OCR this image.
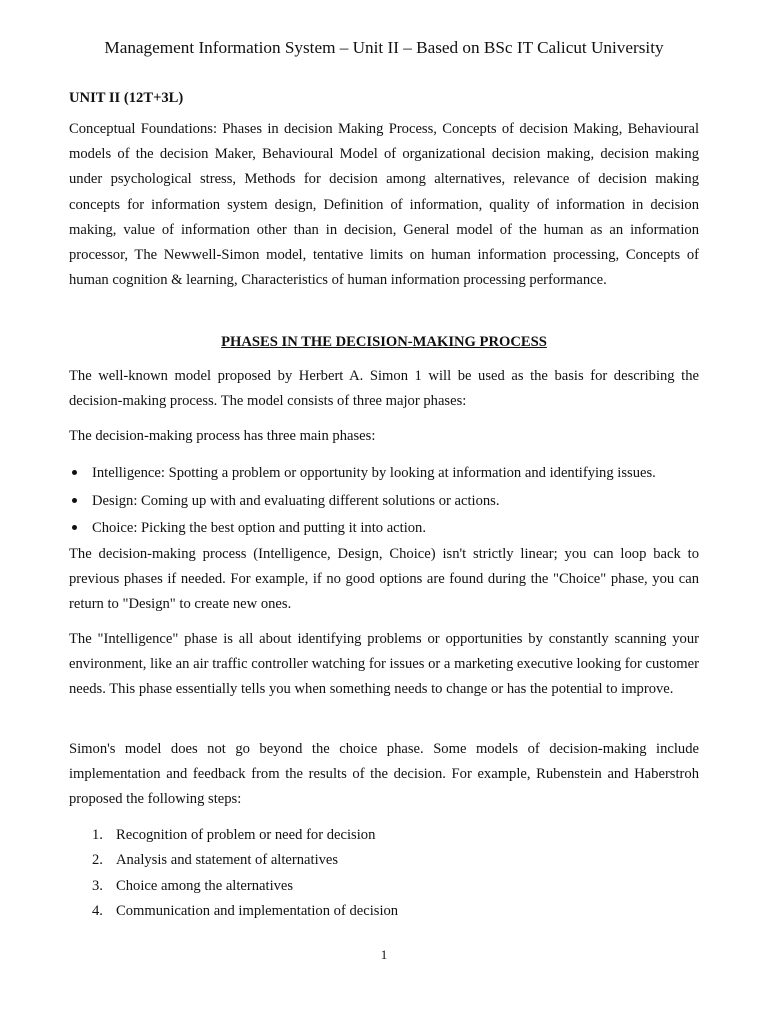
Management Information System – Unit II – Based on BSc IT Calicut University
UNIT II (12T+3L)

Conceptual Foundations: Phases in decision Making Process, Concepts of decision Making, Behavioural models of the decision Maker, Behavioural Model of organizational decision making, decision making under psychological stress, Methods for decision among alternatives, relevance of decision making concepts for information system design, Definition of information, quality of information in decision making, value of information other than in decision, General model of the human as an information processor, The Newwell-Simon model, tentative limits on human information processing, Concepts of human cognition & learning, Characteristics of human information processing performance.

PHASES IN THE DECISION-MAKING PROCESS

The well-known model proposed by Herbert A. Simon 1 will be used as the basis for describing the decision-making process. The model consists of three major phases:

The decision-making process has three main phases:

Intelligence: Spotting a problem or opportunity by looking at information and identifying issues.
Design: Coming up with and evaluating different solutions or actions.
Choice: Picking the best option and putting it into action.

The decision-making process (Intelligence, Design, Choice) isn't strictly linear; you can loop back to previous phases if needed. For example, if no good options are found during the "Choice" phase, you can return to "Design" to create new ones.

The "Intelligence" phase is all about identifying problems or opportunities by constantly scanning your environment, like an air traffic controller watching for issues or a marketing executive looking for customer needs. This phase essentially tells you when something needs to change or has the potential to improve.

Simon's model does not go beyond the choice phase. Some models of decision-making include implementation and feedback from the results of the decision. For example, Rubenstein and Haberstroh proposed the following steps:

1. Recognition of problem or need for decision
2. Analysis and statement of alternatives
3. Choice among the alternatives
4. Communication and implementation of decision
1
